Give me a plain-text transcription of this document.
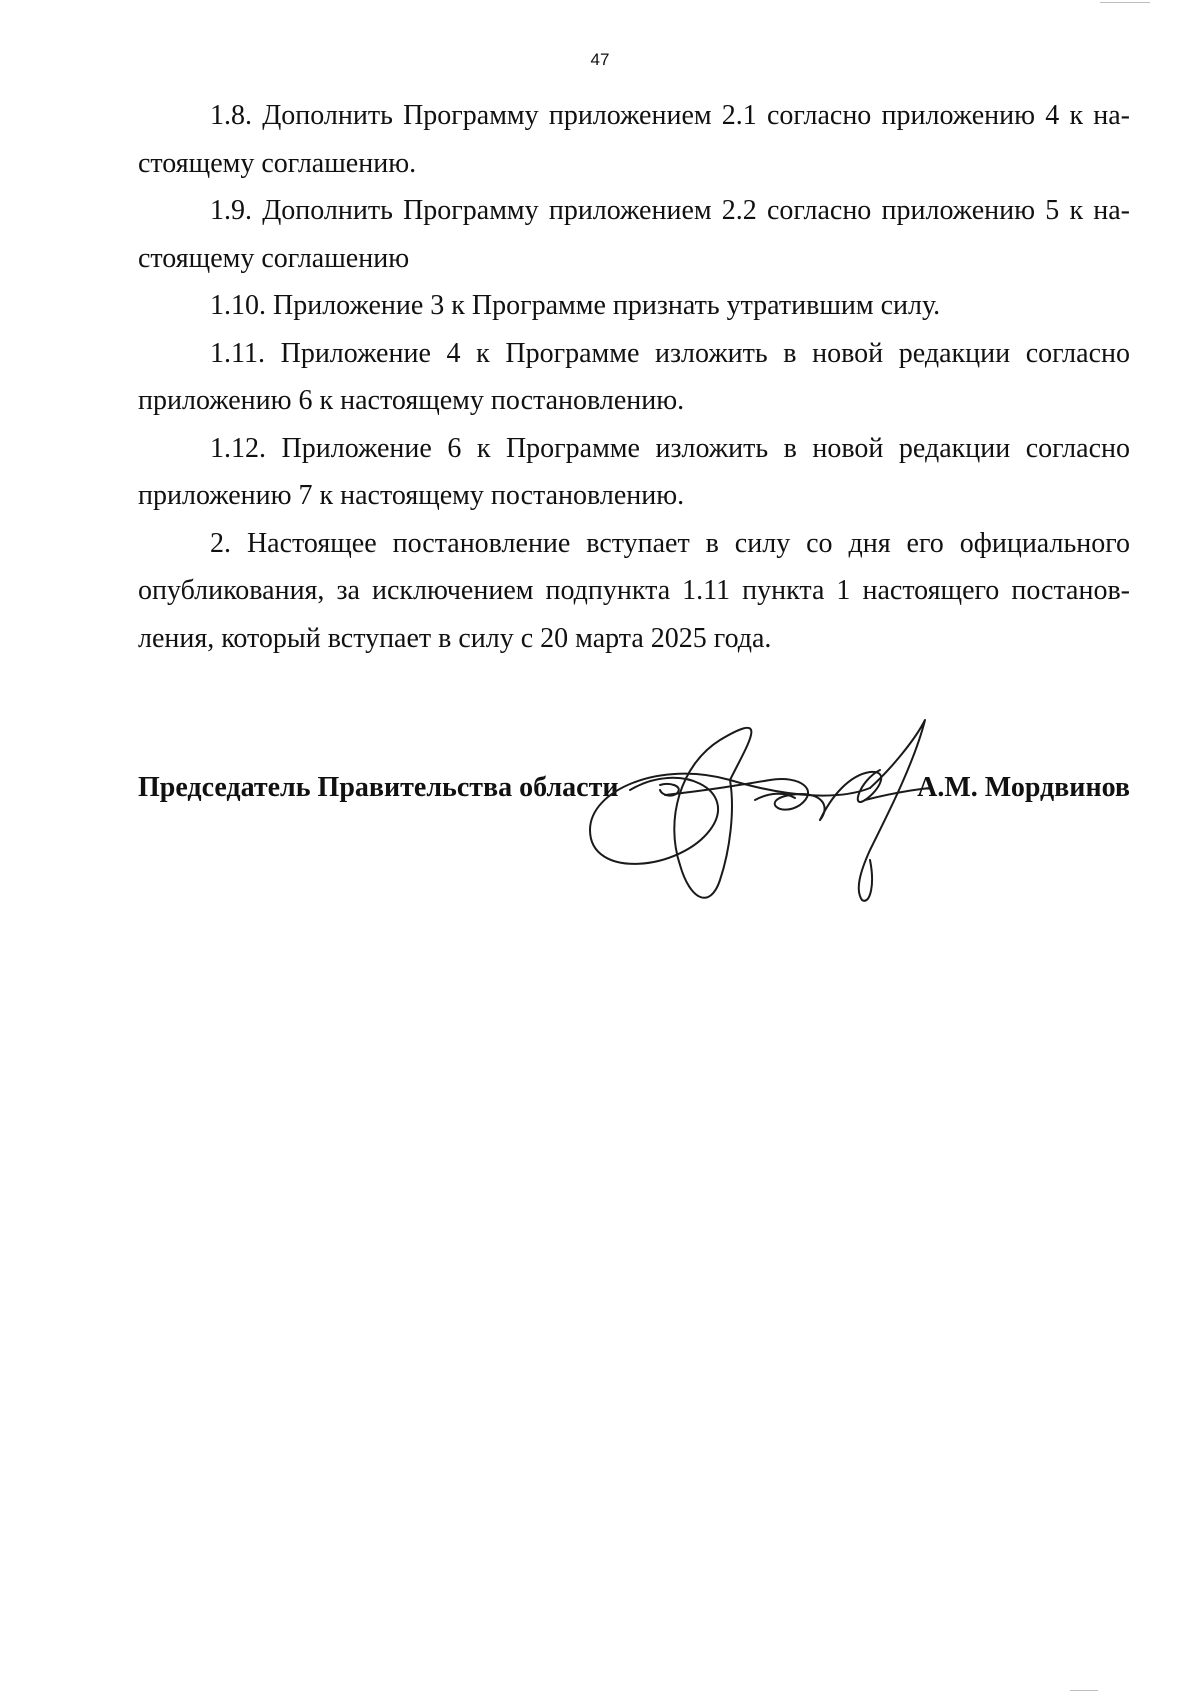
47

1.8. Дополнить Программу приложением 2.1 согласно приложению 4 к настоящему соглашению.

1.9. Дополнить Программу приложением 2.2 согласно приложению 5 к настоящему соглашению

1.10. Приложение 3 к Программе признать утратившим силу.

1.11. Приложение 4 к Программе изложить в новой редакции согласно приложению 6 к настоящему постановлению.

1.12. Приложение 6 к Программе изложить в новой редакции согласно приложению 7 к настоящему постановлению.

2. Настоящее постановление вступает в силу со дня его официального опубликования, за исключением подпункта 1.11 пункта 1 настоящего постановления, который вступает в силу с 20 марта 2025 года.

Председатель Правительства области	А.М. Мордвинов
